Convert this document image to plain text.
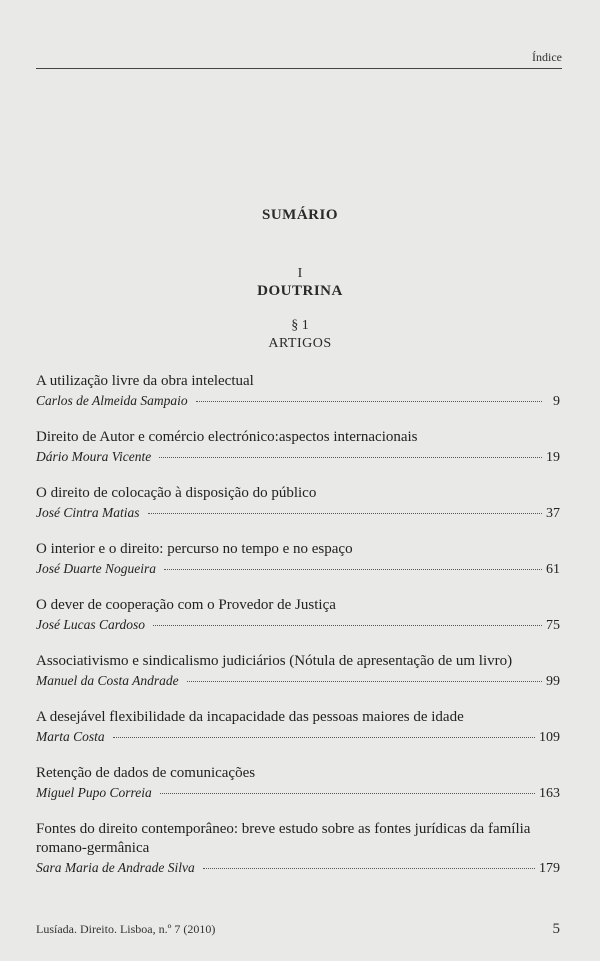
Índice
SUMÁRIO
I
DOUTRINA
§ 1
ARTIGOS
A utilização livre da obra intelectual
Carlos de Almeida Sampaio	9
Direito de Autor e comércio electrónico:aspectos internacionais
Dário Moura Vicente	19
O direito de colocação à disposição do público
José Cintra Matias	37
O interior e o direito: percurso no tempo e no espaço
José Duarte Nogueira	61
O dever de cooperação com o Provedor de Justiça
José Lucas Cardoso	75
Associativismo e sindicalismo judiciários (Nótula de apresentação de um livro)
Manuel da Costa Andrade	99
A desejável flexibilidade da incapacidade das pessoas maiores de idade
Marta Costa	109
Retenção de dados de comunicações
Miguel Pupo Correia	163
Fontes do direito contemporâneo: breve estudo sobre as fontes jurídicas da família romano-germânica
Sara Maria de Andrade Silva	179
Lusíada. Direito. Lisboa, n.º 7 (2010)	5
